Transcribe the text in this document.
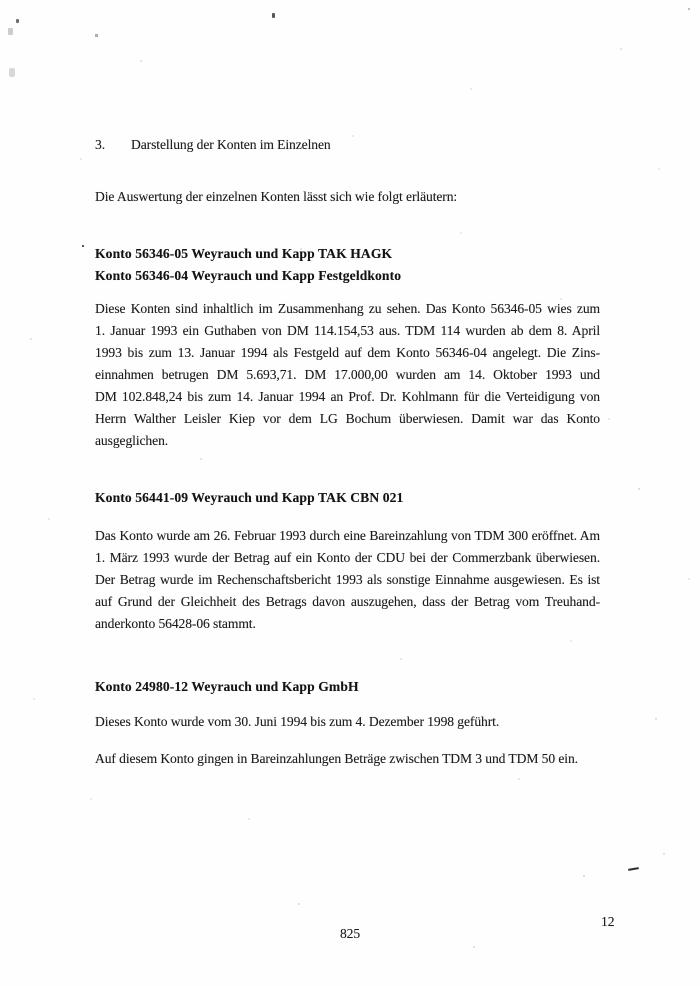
3. Darstellung der Konten im Einzelnen
Die Auswertung der einzelnen Konten lässt sich wie folgt erläutern:
Konto 56346-05 Weyrauch und Kapp TAK HAGK
Konto 56346-04 Weyrauch und Kapp Festgeldkonto
Diese Konten sind inhaltlich im Zusammenhang zu sehen. Das Konto 56346-05 wies zum
1. Januar 1993 ein Guthaben von DM 114.154,53 aus. TDM 114 wurden ab dem 8. April
1993 bis zum 13. Januar 1994 als Festgeld auf dem Konto 56346-04 angelegt. Die Zins-
einnahmen betrugen DM 5.693,71. DM 17.000,00 wurden am 14. Oktober 1993 und
DM 102.848,24 bis zum 14. Januar 1994 an Prof. Dr. Kohlmann für die Verteidigung von
Herrn Walther Leisler Kiep vor dem LG Bochum überwiesen. Damit war das Konto
ausgeglichen.
Konto 56441-09 Weyrauch und Kapp TAK CBN 021
Das Konto wurde am 26. Februar 1993 durch eine Bareinzahlung von TDM 300 eröffnet. Am
1. März 1993 wurde der Betrag auf ein Konto der CDU bei der Commerzbank überwiesen.
Der Betrag wurde im Rechenschaftsbericht 1993 als sonstige Einnahme ausgewiesen. Es ist
auf Grund der Gleichheit des Betrags davon auszugehen, dass der Betrag vom Treuhand-
anderkonto 56428-06 stammt.
Konto 24980-12 Weyrauch und Kapp GmbH
Dieses Konto wurde vom 30. Juni 1994 bis zum 4. Dezember 1998 geführt.
Auf diesem Konto gingen in Bareinzahlungen Beträge zwischen TDM 3 und TDM 50 ein.
825
12
